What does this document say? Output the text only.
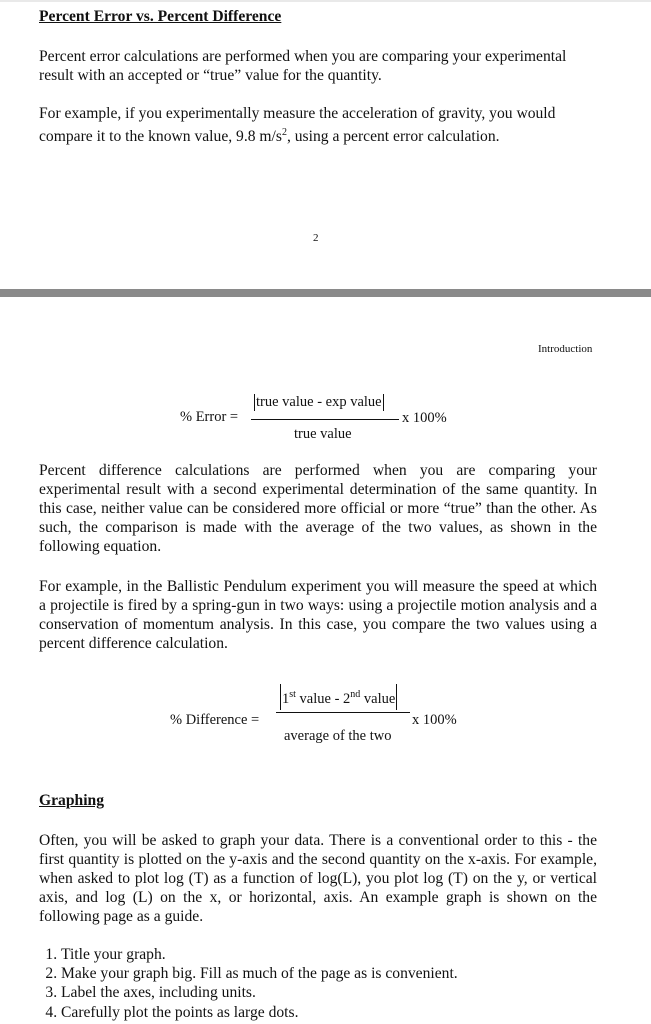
Percent Error vs. Percent Difference

Percent error calculations are performed when you are comparing your experimental result with an accepted or “true” value for the quantity.

For example, if you experimentally measure the acceleration of gravity, you would compare it to the known value, 9.8 $m/s^2$, using a percent error calculation.

2
Introduction
% Error =
true value - exp value
true value
x 100%

Percent difference calculations are performed when you are comparing your experimental result with a second experimental determination of the same quantity. In this case, neither value can be considered more official or more “true” than the other. As such, the comparison is made with the average of the two values, as shown in the following equation.

For example, in the Ballistic Pendulum experiment you will measure the speed at which a projectile is fired by a spring-gun in two ways: using a projectile motion analysis and a conservation of momentum analysis. In this case, you compare the two values using a percent difference calculation.

% Difference =
1st value - 2nd value
average of the two
x 100%
Graphing

Often, you will be asked to graph your data. There is a conventional order to this - the first quantity is plotted on the y-axis and the second quantity on the x-axis. For example, when asked to plot log (T) as a function of log(L), you plot log (T) on the y, or vertical axis, and log (L) on the x, or horizontal, axis. An example graph is shown on the following page as a guide.

1. Title your graph.
2. Make your graph big. Fill as much of the page as is convenient.
3. Label the axes, including units.
4. Carefully plot the points as large dots.
